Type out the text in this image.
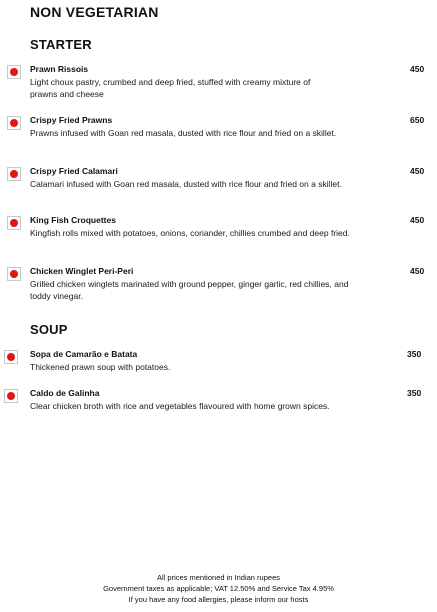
NON VEGETARIAN
STARTER
Prawn Rissois	450
Light choux pastry, crumbed and deep fried, stuffed with creamy mixture of prawns and cheese
Crispy Fried Prawns	650
Prawns infused with Goan red masala, dusted with rice flour and fried on a skillet.
Crispy Fried Calamari	450
Calamari infused with Goan red masala, dusted with rice flour and fried on a skillet.
King Fish Croquettes	450
Kingfish rolls mixed with potatoes, onions, coriander, chillies crumbed and deep fried.
Chicken Winglet Peri-Peri	450
Grilled chicken winglets marinated with ground pepper, ginger garlic, red chillies, and toddy vinegar.
SOUP
Sopa de Camarão e Batata	350
Thickened prawn soup with potatoes.
Caldo de Galinha	350
Clear chicken broth with rice and vegetables flavoured with home grown spices.
All prices mentioned in Indian rupees
Government taxes as applicable; VAT 12.50% and Service Tax 4.95%
If you have any food allergies, please inform our hosts
